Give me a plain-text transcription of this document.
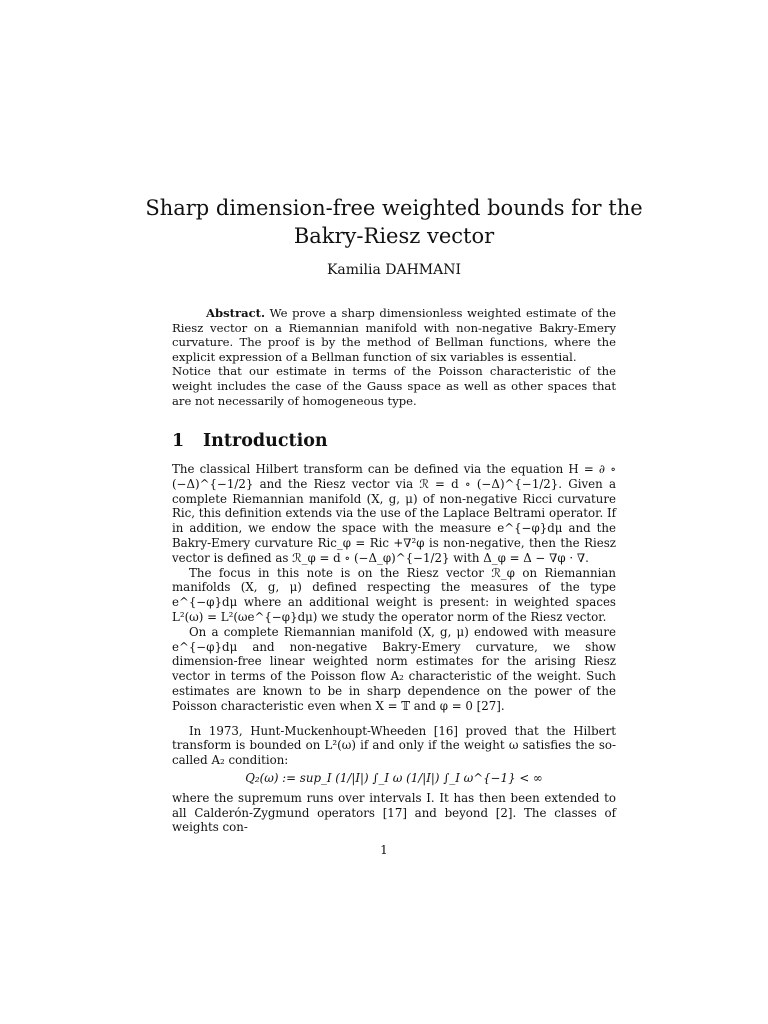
Sharp dimension-free weighted bounds for the
Bakry-Riesz vector
Kamilia DAHMANI

Abstract. We prove a sharp dimensionless weighted estimate of the Riesz vector on a Riemannian manifold with non-negative Bakry-Emery curvature. The proof is by the method of Bellman functions, where the explicit expression of a Bellman function of six variables is essential.

Notice that our estimate in terms of the Poisson characteristic of the weight includes the case of the Gauss space as well as other spaces that are not necessarily of homogeneous type.

1 Introduction

The classical Hilbert transform can be defined via the equation H = ∂ ∘ (−Δ)^{−1/2} and the Riesz vector via ℛ = d ∘ (−Δ)^{−1/2}. Given a complete Riemannian manifold (X, g, μ) of non-negative Ricci curvature Ric, this definition extends via the use of the Laplace Beltrami operator. If in addition, we endow the space with the measure e^{−φ}dμ and the Bakry-Emery curvature Ric_φ = Ric +∇²φ is non-negative, then the Riesz vector is defined as ℛ_φ = d ∘ (−Δ_φ)^{−1/2} with Δ_φ = Δ − ∇φ · ∇.

The focus in this note is on the Riesz vector ℛ_φ on Riemannian manifolds (X, g, μ) defined respecting the measures of the type e^{−φ}dμ where an additional weight is present: in weighted spaces L²(ω) = L²(ωe^{−φ}dμ) we study the operator norm of the Riesz vector.

On a complete Riemannian manifold (X, g, μ) endowed with measure e^{−φ}dμ and non-negative Bakry-Emery curvature, we show dimension-free linear weighted norm estimates for the arising Riesz vector in terms of the Poisson flow A₂ characteristic of the weight. Such estimates are known to be in sharp dependence on the power of the Poisson characteristic even when X = 𝕋 and φ = 0 [27].

In 1973, Hunt-Muckenhoupt-Wheeden [16] proved that the Hilbert transform is bounded on L²(ω) if and only if the weight ω satisfies the so-called A₂ condition:

Q₂(ω) := sup_I (1/|I|) ∫_I ω (1/|I|) ∫_I ω^{−1} < ∞

where the supremum runs over intervals I. It has then been extended to all Calderón-Zygmund operators [17] and beyond [2]. The classes of weights con-

1
